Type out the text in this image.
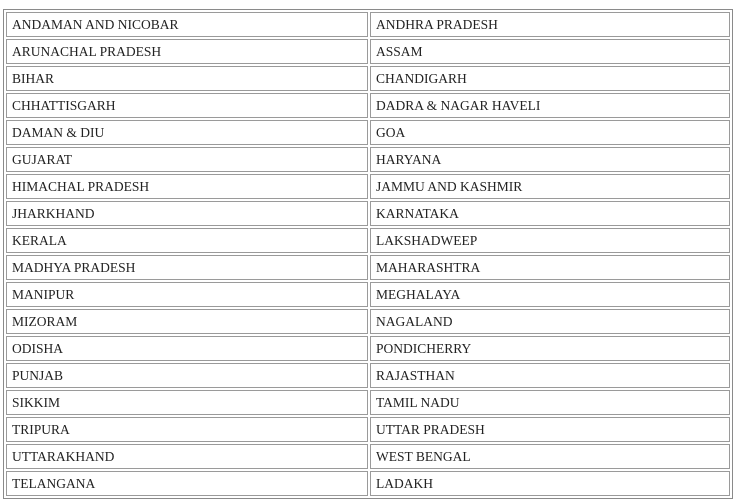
ANDAMAN AND NICOBAR	ANDHRA PRADESH
ARUNACHAL PRADESH	ASSAM
BIHAR	CHANDIGARH
CHHATTISGARH	DADRA & NAGAR HAVELI
DAMAN & DIU	GOA
GUJARAT	HARYANA
HIMACHAL PRADESH	JAMMU AND KASHMIR
JHARKHAND	KARNATAKA
KERALA	LAKSHADWEEP
MADHYA PRADESH	MAHARASHTRA
MANIPUR	MEGHALAYA
MIZORAM	NAGALAND
ODISHA	PONDICHERRY
PUNJAB	RAJASTHAN
SIKKIM	TAMIL NADU
TRIPURA	UTTAR PRADESH
UTTARAKHAND	WEST BENGAL
TELANGANA	LADAKH
